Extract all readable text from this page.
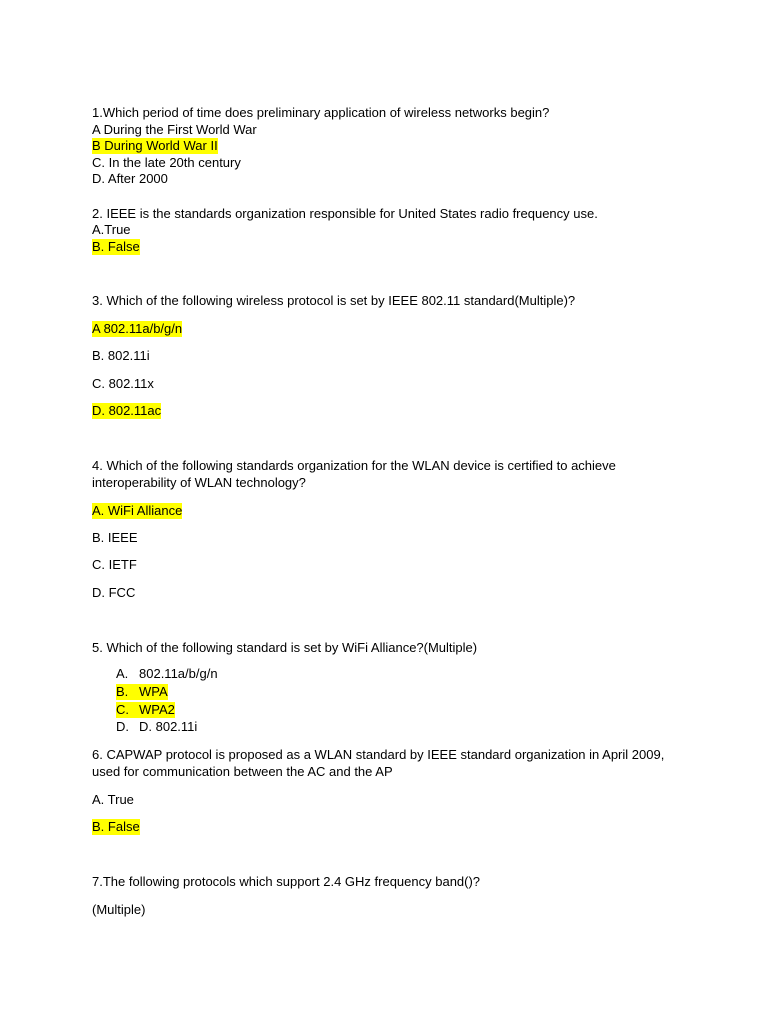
1.Which period of time does preliminary application of wireless networks begin?
A During the First World War
B During World War II
C. In the late 20th century
D. After 2000
2. IEEE is the standards organization responsible for United States radio frequency use.
A.True
B. False
3. Which of the following wireless protocol is set by IEEE 802.11 standard(Multiple)?
A 802.11a/b/g/n
B. 802.11i
C. 802.11x
D. 802.11ac
4. Which of the following standards organization for the WLAN device is certified to achieve
interoperability of WLAN technology?
A. WiFi Alliance
B. IEEE
C. IETF
D. FCC
5. Which of the following standard is set by WiFi Alliance?(Multiple)
A. 802.11a/b/g/n
B. WPA
C. WPA2
D. D. 802.11i
6. CAPWAP protocol is proposed as a WLAN standard by IEEE standard organization in April 2009,
used for communication between the AC and the AP
A. True
B. False
7.The following protocols which support 2.4 GHz frequency band()?
(Multiple)
